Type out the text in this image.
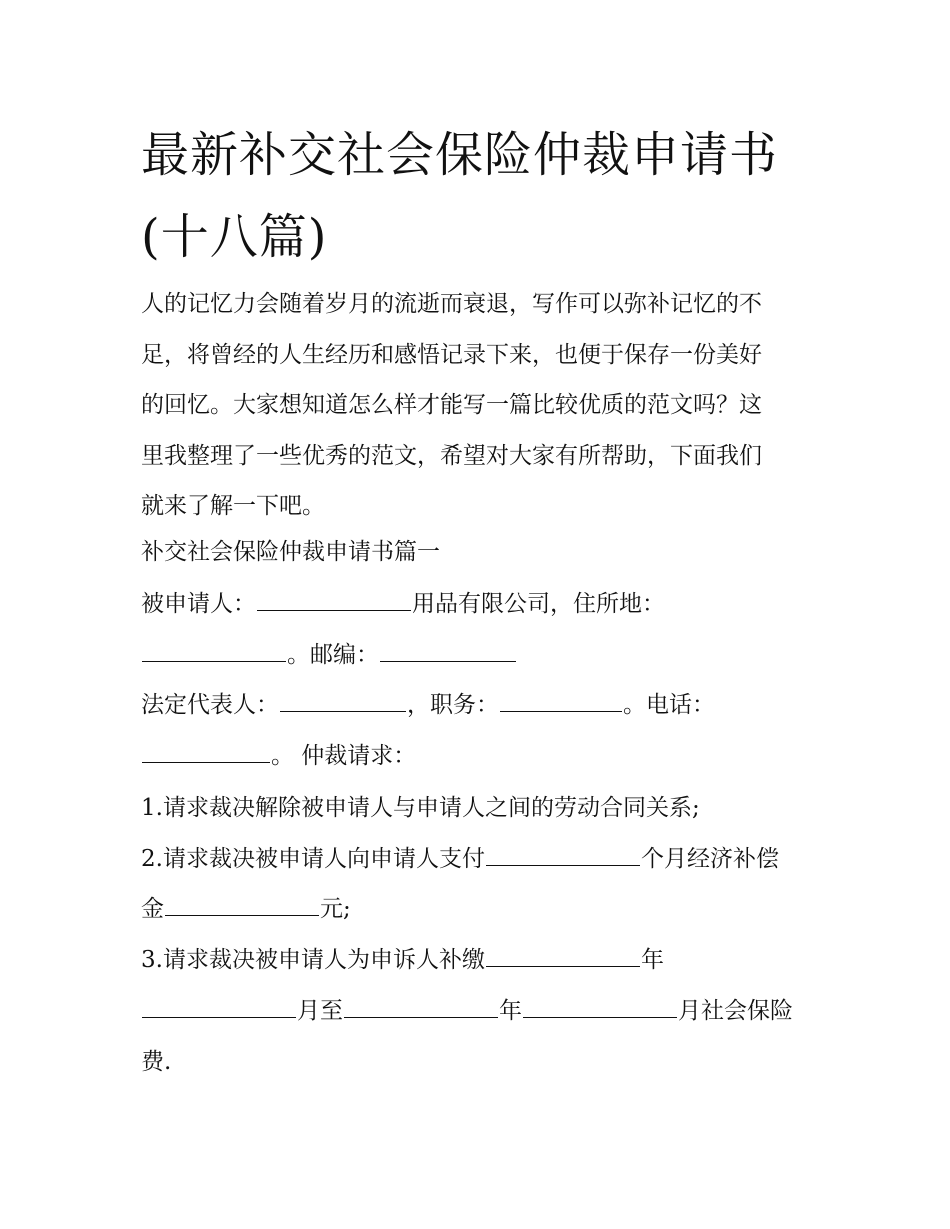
最新补交社会保险仲裁申请书
(十八篇)
人的记忆力会随着岁月的流逝而衰退，写作可以弥补记忆的不
足，将曾经的人生经历和感悟记录下来，也便于保存一份美好
的回忆。大家想知道怎么样才能写一篇比较优质的范文吗？这
里我整理了一些优秀的范文，希望对大家有所帮助，下面我们
就来了解一下吧。
补交社会保险仲裁申请书篇一
被申请人：	用品有限公司，住所地：
。邮编：
法定代表人：	，职务：	。电话：
。 仲裁请求：
1.请求裁决解除被申请人与申请人之间的劳动合同关系;
2.请求裁决被申请人向申请人支付	个月经济补偿
金	元;
3.请求裁决被申请人为申诉人补缴	年
月至	年	月社会保险
费.
